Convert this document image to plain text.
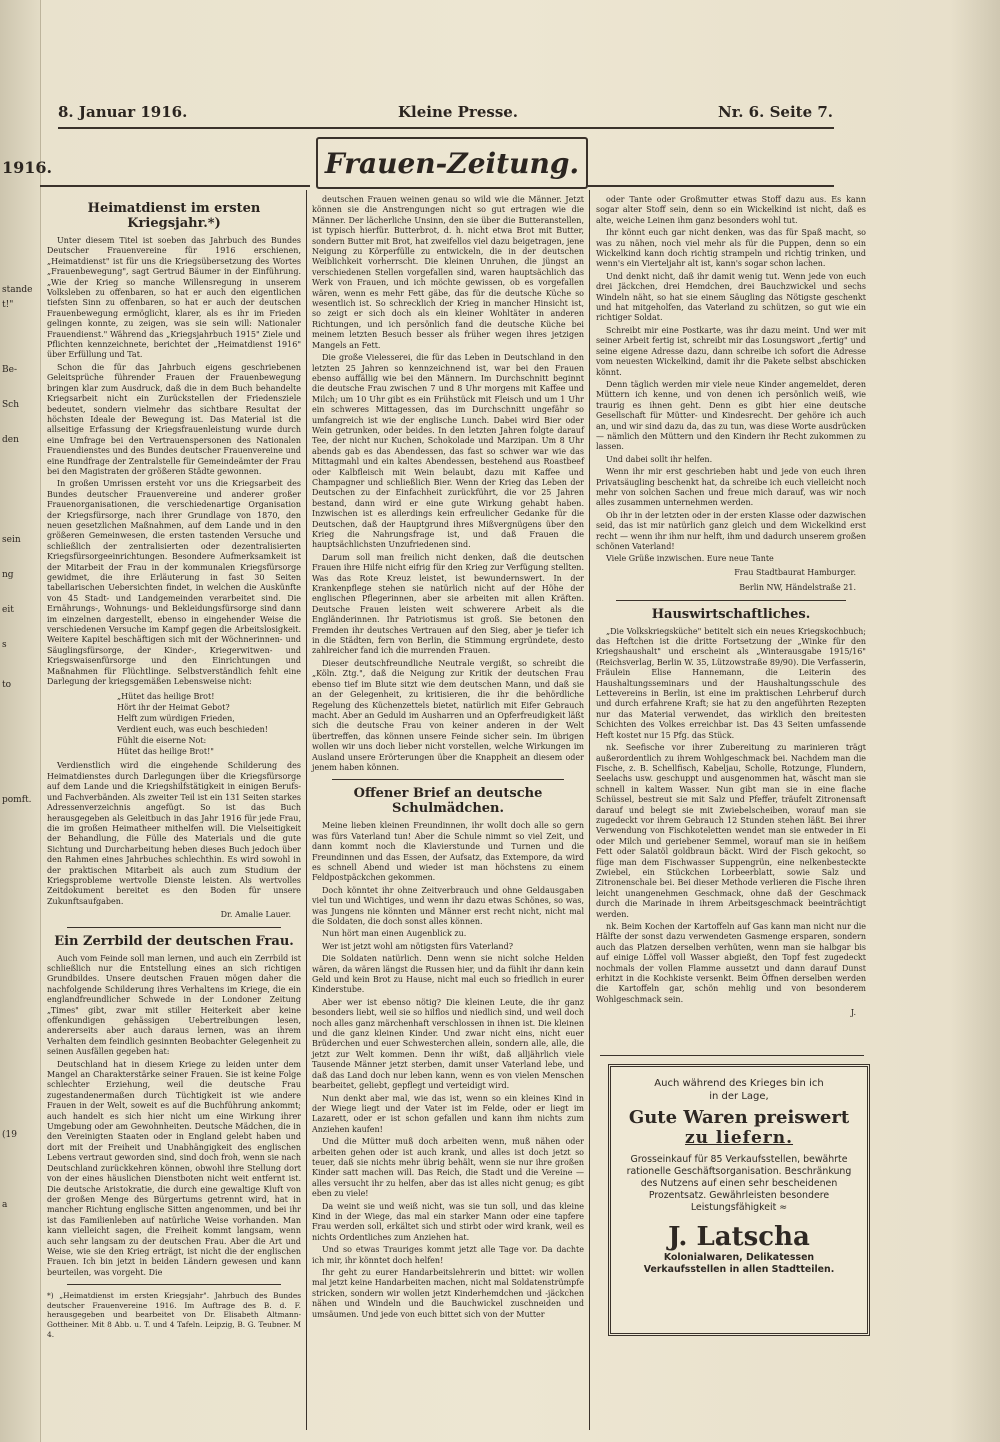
8. Januar 1916.	Kleine Presse.	Nr. 6. Seite 7.
1916.
stande
t!"
Be-
Sch
den
sein
ng
eit
s
to
pomft.
(19
a
Frauen-Zeitung.
Heimatdienst im ersten Kriegsjahr.*)

Unter diesem Titel ist soeben das Jahrbuch des Bundes Deutscher Frauenvereine für 1916 erschienen, „Heimatdienst" ist für uns die Kriegsübersetzung des Wortes „Frauenbewegung", sagt Gertrud Bäumer in der Einführung. „Wie der Krieg so manche Willensregung in unserem Volksleben zu offenbaren, so hat er auch den eigentlichen tiefsten Sinn zu offenbaren, so hat er auch der deutschen Frauenbewegung ermöglicht, klarer, als es ihr im Frieden gelingen konnte, zu zeigen, was sie sein will: Nationaler Frauendienst." Während das „Kriegsjahrbuch 1915" Ziele und Pflichten kennzeichnete, berichtet der „Heimatdienst 1916" über Erfüllung und Tat.

Schon die für das Jahrbuch eigens geschriebenen Geleitsprüche führender Frauen der Frauenbewegung bringen klar zum Ausdruck, daß die in dem Buch behandelte Kriegsarbeit nicht ein Zurückstellen der Friedensziele bedeutet, sondern vielmehr das sichtbare Resultat der höchsten Ideale der Bewegung ist. Das Material ist die allseitige Erfassung der Kriegsfrauenleistung wurde durch eine Umfrage bei den Vertrauenspersonen des Nationalen Frauendienstes und des Bundes deutscher Frauenvereine und eine Rundfrage der Zentralstelle für Gemeindeämter der Frau bei den Magistraten der größeren Städte gewonnen.

In großen Umrissen ersteht vor uns die Kriegsarbeit des Bundes deutscher Frauenvereine und anderer großer Frauenorganisationen, die verschiedenartige Organisation der Kriegsfürsorge, nach ihrer Grundlage von 1870, den neuen gesetzlichen Maßnahmen, auf dem Lande und in den größeren Gemeinwesen, die ersten tastenden Versuche und schließlich der zentralisierten oder dezentralisierten Kriegsfürsorgeeinrichtungen. Besondere Aufmerksamkeit ist der Mitarbeit der Frau in der kommunalen Kriegsfürsorge gewidmet, die ihre Erläuterung in fast 30 Seiten tabellarischen Uebersichten findet, in welchen die Auskünfte von 45 Stadt- und Landgemeinden verarbeitet sind. Die Ernährungs-, Wohnungs- und Bekleidungsfürsorge sind dann im einzelnen dargestellt, ebenso in eingehender Weise die verschiedenen Versuche im Kampf gegen die Arbeitslosigkeit. Weitere Kapitel beschäftigen sich mit der Wöchnerinnen- und Säuglingsfürsorge, der Kinder-, Kriegerwitwen- und Kriegswaisenfürsorge und den Einrichtungen und Maßnahmen für Flüchtlinge. Selbstverständlich fehlt eine Darlegung der kriegsgemäßen Lebensweise nicht:

„Hütet das heilige Brot!
Hört ihr der Heimat Gebot?
Helft zum würdigen Frieden,
Verdient euch, was euch beschieden!
Fühlt die eiserne Not:
Hütet das heilige Brot!"

Verdienstlich wird die eingehende Schilderung des Heimatdienstes durch Darlegungen über die Kriegsfürsorge auf dem Lande und die Kriegshilfstätigkeit in einigen Berufs- und Fachverbänden. Als zweiter Teil ist ein 131 Seiten starkes Adressenverzeichnis angefügt. So ist das Buch herausgegeben als Geleitbuch in das Jahr 1916 für jede Frau, die im großen Heimatheer mithelfen will. Die Vielseitigkeit der Behandlung, die Fülle des Materials und die gute Sichtung und Durcharbeitung heben dieses Buch jedoch über den Rahmen eines Jahrbuches schlechthin. Es wird sowohl in der praktischen Mitarbeit als auch zum Studium der Kriegsprobleme wertvolle Dienste leisten. Als wertvolles Zeitdokument bereitet es den Boden für unsere Zukunftsaufgaben.

Dr. Amalie Lauer.

Ein Zerrbild der deutschen Frau.

Auch vom Feinde soll man lernen, und auch ein Zerrbild ist schließlich nur die Entstellung eines an sich richtigen Grundbildes. Unsere deutschen Frauen mögen daher die nachfolgende Schilderung ihres Verhaltens im Kriege, die ein englandfreundlicher Schwede in der Londoner Zeitung „Times" gibt, zwar mit stiller Heiterkeit aber keine offenkundigen gehässigen Uebertreibungen lesen, andererseits aber auch daraus lernen, was an ihrem Verhalten dem feindlich gesinnten Beobachter Gelegenheit zu seinen Ausfällen gegeben hat:

Deutschland hat in diesem Kriege zu leiden unter dem Mangel an Charakterstärke seiner Frauen. Sie ist keine Folge schlechter Erziehung, weil die deutsche Frau zugestandenermaßen durch Tüchtigkeit ist wie andere Frauen in der Welt, soweit es auf die Buchführung ankommt; auch handelt es sich hier nicht um eine Wirkung ihrer Umgebung oder am Gewohnheiten. Deutsche Mädchen, die in den Vereinigten Staaten oder in England gelebt haben und dort mit der Freiheit und Unabhängigkeit des englischen Lebens vertraut geworden sind, sind doch froh, wenn sie nach Deutschland zurückkehren können, obwohl ihre Stellung dort von der eines häuslichen Dienstboten nicht weit entfernt ist. Die deutsche Aristokratie, die durch eine gewaltige Kluft von der großen Menge des Bürgertums getrennt wird, hat in mancher Richtung englische Sitten angenommen, und bei ihr ist das Familienleben auf natürliche Weise vorhanden. Man kann vielleicht sagen, die Freiheit kommt langsam, wenn auch sehr langsam zu der deutschen Frau. Aber die Art und Weise, wie sie den Krieg erträgt, ist nicht die der englischen Frauen. Ich bin jetzt in beiden Ländern gewesen und kann beurteilen, was vorgeht. Die

*) „Heimatdienst im ersten Kriegsjahr". Jahrbuch des Bundes deutscher Frauenvereine 1916. Im Auftrage des B. d. F. herausgegeben und bearbeitet von Dr. Elisabeth Altmann-Gottheiner. Mit 8 Abb. u. T. und 4 Tafeln. Leipzig, B. G. Teubner. M 4.

deutschen Frauen weinen genau so wild wie die Männer. Jetzt können sie die Anstrengungen nicht so gut ertragen wie die Männer. Der lächerliche Unsinn, den sie über die Butteranstellen, ist typisch hierfür. Butterbrot, d. h. nicht etwa Brot mit Butter, sondern Butter mit Brot, hat zweifellos viel dazu beigetragen, jene Neigung zu Körperfülle zu entwickeln, die in der deutschen Weiblichkeit vorherrscht. Die kleinen Unruhen, die jüngst an verschiedenen Stellen vorgefallen sind, waren hauptsächlich das Werk von Frauen, und ich möchte gewissen, ob es vorgefallen wären, wenn es mehr Fett gäbe, das für die deutsche Küche so wesentlich ist. So schrecklich der Krieg in mancher Hinsicht ist, so zeigt er sich doch als ein kleiner Wohltäter in anderen Richtungen, und ich persönlich fand die deutsche Küche bei meinem letzten Besuch besser als früher wegen ihres jetzigen Mangels an Fett.

Die große Vielesserei, die für das Leben in Deutschland in den letzten 25 Jahren so kennzeichnend ist, war bei den Frauen ebenso auffällig wie bei den Männern. Im Durchschnitt beginnt die deutsche Frau zwischen 7 und 8 Uhr morgens mit Kaffee und Milch; um 10 Uhr gibt es ein Frühstück mit Fleisch und um 1 Uhr ein schweres Mittagessen, das im Durchschnitt ungefähr so umfangreich ist wie der englische Lunch. Dabei wird Bier oder Wein getrunken, oder beides. In den letzten Jahren folgte darauf Tee, der nicht nur Kuchen, Schokolade und Marzipan. Um 8 Uhr abends gab es das Abendessen, das fast so schwer war wie das Mittagmahl und ein kaltes Abendessen, bestehend aus Roastbeef oder Kalbfleisch mit Wein belaubt, dazu mit Kaffee und Champagner und schließlich Bier. Wenn der Krieg das Leben der Deutschen zu der Einfachheit zurückführt, die vor 25 Jahren bestand, dann wird er eine gute Wirkung gehabt haben. Inzwischen ist es allerdings kein erfreulicher Gedanke für die Deutschen, daß der Hauptgrund ihres Mißvergnügens über den Krieg die Nahrungsfrage ist, und daß Frauen die hauptsächlichsten Unzufriedenen sind.

Darum soll man freilich nicht denken, daß die deutschen Frauen ihre Hilfe nicht eifrig für den Krieg zur Verfügung stellten. Was das Rote Kreuz leistet, ist bewundernswert. In der Krankenpflege stehen sie natürlich nicht auf der Höhe der englischen Pflegerinnen, aber sie arbeiten mit allen Kräften. Deutsche Frauen leisten weit schwerere Arbeit als die Engländerinnen. Ihr Patriotismus ist groß. Sie betonen den Fremden ihr deutsches Vertrauen auf den Sieg, aber je tiefer ich in die Städten, fern von Berlin, die Stimmung ergründete, desto zahlreicher fand ich die murrenden Frauen.

Dieser deutschfreundliche Neutrale vergißt, so schreibt die „Köln. Ztg.", daß die Neigung zur Kritik der deutschen Frau ebenso tief im Blute sitzt wie dem deutschen Mann, und daß sie an der Gelegenheit, zu kritisieren, die ihr die behördliche Regelung des Küchenzettels bietet, natürlich mit Eifer Gebrauch macht. Aber an Geduld im Ausharren und an Opferfreudigkeit läßt sich die deutsche Frau von keiner anderen in der Welt übertreffen, das können unsere Feinde sicher sein. Im übrigen wollen wir uns doch lieber nicht vorstellen, welche Wirkungen im Ausland unsere Erörterungen über die Knappheit an diesem oder jenem haben können.

Offener Brief an deutsche Schulmädchen.

Meine lieben kleinen Freundinnen, ihr wollt doch alle so gern was fürs Vaterland tun! Aber die Schule nimmt so viel Zeit, und dann kommt noch die Klavierstunde und Turnen und die Freundinnen und das Essen, der Aufsatz, das Extempore, da wird es schnell Abend und wieder ist man höchstens zu einem Feldpostpäckchen gekommen.

Doch könntet ihr ohne Zeitverbrauch und ohne Geldausgaben viel tun und Wichtiges, und wenn ihr dazu etwas Schönes, so was, was Jungens nie könnten und Männer erst recht nicht, nicht mal die Soldaten, die doch sonst alles können.

Nun hört man einen Augenblick zu.

Wer ist jetzt wohl am nötigsten fürs Vaterland?

Die Soldaten natürlich. Denn wenn sie nicht solche Helden wären, da wären längst die Russen hier, und da fühlt ihr dann kein Geld und kein Brot zu Hause, nicht mal euch so friedlich in eurer Kinderstube.

Aber wer ist ebenso nötig? Die kleinen Leute, die ihr ganz besonders liebt, weil sie so hilflos und niedlich sind, und weil doch noch alles ganz märchenhaft verschlossen in ihnen ist. Die kleinen und die ganz kleinen Kinder. Und zwar nicht eins, nicht euer Brüderchen und euer Schwesterchen allein, sondern alle, alle, die jetzt zur Welt kommen. Denn ihr wißt, daß alljährlich viele Tausende Männer jetzt sterben, damit unser Vaterland lebe, und daß das Land doch nur leben kann, wenn es von vielen Menschen bearbeitet, geliebt, gepflegt und verteidigt wird.

Nun denkt aber mal, wie das ist, wenn so ein kleines Kind in der Wiege liegt und der Vater ist im Felde, oder er liegt im Lazarett, oder er ist schon gefallen und kann ihm nichts zum Anziehen kaufen!

Und die Mütter muß doch arbeiten wenn, muß nähen oder arbeiten gehen oder ist auch krank, und alles ist doch jetzt so teuer, daß sie nichts mehr übrig behält, wenn sie nur ihre großen Kinder satt machen will. Das Reich, die Stadt und die Vereine — alles versucht ihr zu helfen, aber das ist alles nicht genug; es gibt eben zu viele!

Da weint sie und weiß nicht, was sie tun soll, und das kleine Kind in der Wiege, das mal ein starker Mann oder eine tapfere Frau werden soll, erkältet sich und stirbt oder wird krank, weil es nichts Ordentliches zum Anziehen hat.

Und so etwas Trauriges kommt jetzt alle Tage vor. Da dachte ich mir, ihr könntet doch helfen!

Ihr geht zu eurer Handarbeitslehrerin und bittet: wir wollen mal jetzt keine Handarbeiten machen, nicht mal Soldatenstrümpfe stricken, sondern wir wollen jetzt Kinderhemdchen und -jäckchen nähen und Windeln und die Bauchwickel zuschneiden und umsäumen. Und jede von euch bittet sich von der Mutter

oder Tante oder Großmutter etwas Stoff dazu aus. Es kann sogar alter Stoff sein, denn so ein Wickelkind ist nicht, daß es alte, weiche Leinen ihm ganz besonders wohl tut.

Ihr könnt euch gar nicht denken, was das für Spaß macht, so was zu nähen, noch viel mehr als für die Puppen, denn so ein Wickelkind kann doch richtig strampeln und richtig trinken, und wenn's ein Vierteljahr alt ist, kann's sogar schon lachen.

Und denkt nicht, daß ihr damit wenig tut. Wenn jede von euch drei Jäckchen, drei Hemdchen, drei Bauchzwickel und sechs Windeln näht, so hat sie einem Säugling das Nötigste geschenkt und hat mitgeholfen, das Vaterland zu schützen, so gut wie ein richtiger Soldat.

Schreibt mir eine Postkarte, was ihr dazu meint. Und wer mit seiner Arbeit fertig ist, schreibt mir das Losungswort „fertig" und seine eigene Adresse dazu, dann schreibe ich sofort die Adresse vom neuesten Wickelkind, damit ihr die Pakete selbst abschicken könnt.

Denn täglich werden mir viele neue Kinder angemeldet, deren Müttern ich kenne, und von denen ich persönlich weiß, wie traurig es ihnen geht. Denn es gibt hier eine deutsche Gesellschaft für Mütter- und Kindesrecht. Der gehöre ich auch an, und wir sind dazu da, das zu tun, was diese Worte ausdrücken — nämlich den Müttern und den Kindern ihr Recht zukommen zu lassen.

Und dabei sollt ihr helfen.

Wenn ihr mir erst geschrieben habt und jede von euch ihren Privatsäugling beschenkt hat, da schreibe ich euch vielleicht noch mehr von solchen Sachen und freue mich darauf, was wir noch alles zusammen unternehmen werden.

Ob ihr in der letzten oder in der ersten Klasse oder dazwischen seid, das ist mir natürlich ganz gleich und dem Wickelkind erst recht — wenn ihr ihm nur helft, ihm und dadurch unserem großen schönen Vaterland!

Viele Grüße inzwischen. Eure neue Tante

Frau Stadtbaurat Hamburger.

Berlin NW, Händelstraße 21.

Hauswirtschaftliches.

„Die Volkskriegsküche" betitelt sich ein neues Kriegskochbuch; das Heftchen ist die dritte Fortsetzung der „Winke für den Kriegshaushalt" und erscheint als „Winterausgabe 1915/16" (Reichsverlag, Berlin W. 35, Lützowstraße 89/90). Die Verfasserin, Fräulein Elise Hannemann, die Leiterin des Haushaltungsseminars und der Haushaltungsschule des Lettevereins in Berlin, ist eine im praktischen Lehrberuf durch und durch erfahrene Kraft; sie hat zu den angeführten Rezepten nur das Material verwendet, das wirklich den breitesten Schichten des Volkes erreichbar ist. Das 43 Seiten umfassende Heft kostet nur 15 Pfg. das Stück.

nk. Seefische vor ihrer Zubereitung zu marinieren trägt außerordentlich zu ihrem Wohlgeschmack bei. Nachdem man die Fische, z. B. Schellfisch, Kabeljau, Scholle, Rotzunge, Flundern, Seelachs usw. geschuppt und ausgenommen hat, wäscht man sie schnell in kaltem Wasser. Nun gibt man sie in eine flache Schüssel, bestreut sie mit Salz und Pfeffer, träufelt Zitronensaft darauf und belegt sie mit Zwiebelscheiben, worauf man sie zugedeckt vor ihrem Gebrauch 12 Stunden stehen läßt. Bei ihrer Verwendung von Fischkoteletten wendet man sie entweder in Ei oder Milch und geriebener Semmel, worauf man sie in heißem Fett oder Salatöl goldbraun bäckt. Wird der Fisch gekocht, so füge man dem Fischwasser Suppengrün, eine nelkenbesteckte Zwiebel, ein Stückchen Lorbeerblatt, sowie Salz und Zitronenschale bei. Bei dieser Methode verlieren die Fische ihren leicht unangenehmen Geschmack, ohne daß der Geschmack durch die Marinade in ihrem Arbeitsgeschmack beeinträchtigt werden.

nk. Beim Kochen der Kartoffeln auf Gas kann man nicht nur die Hälfte der sonst dazu verwendeten Gasmenge ersparen, sondern auch das Platzen derselben verhüten, wenn man sie halbgar bis auf einige Löffel voll Wasser abgießt, den Topf fest zugedeckt nochmals der vollen Flamme aussetzt und dann darauf Dunst erhitzt in die Kochkiste versenkt. Beim Öffnen derselben werden die Kartoffeln gar, schön mehlig und von besonderem Wohlgeschmack sein.

J.

Auch während des Krieges bin ich
in der Lage,
Gute Waren preiswert
zu liefern.
Grosseinkauf für 85 Verkaufsstellen, bewährte rationelle Geschäftsorganisation. Beschränkung des Nutzens auf einen sehr bescheidenen Prozentsatz. Gewährleisten besondere Leistungsfähigkeit ≈
J. Latscha
Kolonialwaren, Delikatessen
Verkaufsstellen in allen Stadtteilen.
